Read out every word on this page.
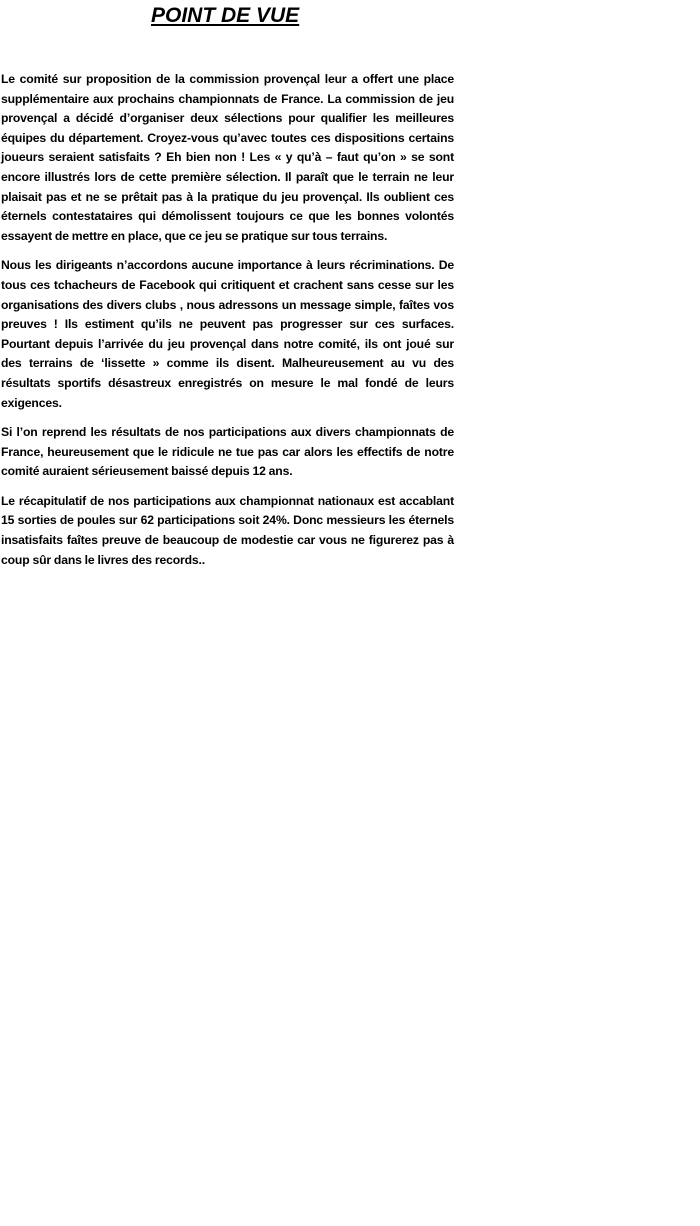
POINT DE VUE

Le comité sur proposition de la commission provençal leur a offert une place supplémentaire aux prochains championnats de France. La commission de jeu provençal a décidé d’organiser deux sélections pour qualifier les meilleures équipes du département. Croyez-vous qu’avec toutes ces dispositions certains joueurs seraient satisfaits ? Eh bien non ! Les « y qu’à – faut qu’on » se sont encore illustrés lors de cette première sélection. Il paraît que le terrain ne leur plaisait pas et ne se prêtait pas à la pratique du jeu provençal. Ils oublient ces éternels contestataires qui démolissent toujours ce que les bonnes volontés essayent de mettre en place, que ce jeu se pratique sur tous terrains.

Nous les dirigeants n’accordons aucune importance à leurs récriminations. De tous ces tchacheurs de Facebook qui critiquent et crachent sans cesse sur les organisations des divers clubs , nous adressons un message simple, faîtes vos preuves ! Ils estiment qu’ils ne peuvent pas progresser sur ces surfaces. Pourtant depuis l’arrivée du jeu provençal dans notre comité, ils ont joué sur des terrains de ‘lissette » comme ils disent. Malheureusement au vu des résultats sportifs désastreux enregistrés on mesure le mal fondé de leurs exigences.

Si l’on reprend les résultats de nos participations aux divers championnats de France, heureusement que le ridicule ne tue pas car alors les effectifs de notre comité auraient sérieusement baissé depuis 12 ans.

Le récapitulatif de nos participations aux championnat nationaux est accablant 15 sorties de poules sur 62 participations soit 24%. Donc messieurs les éternels insatisfaits faîtes preuve de beaucoup de modestie car vous ne figurerez pas à coup sûr dans le livres des records..
